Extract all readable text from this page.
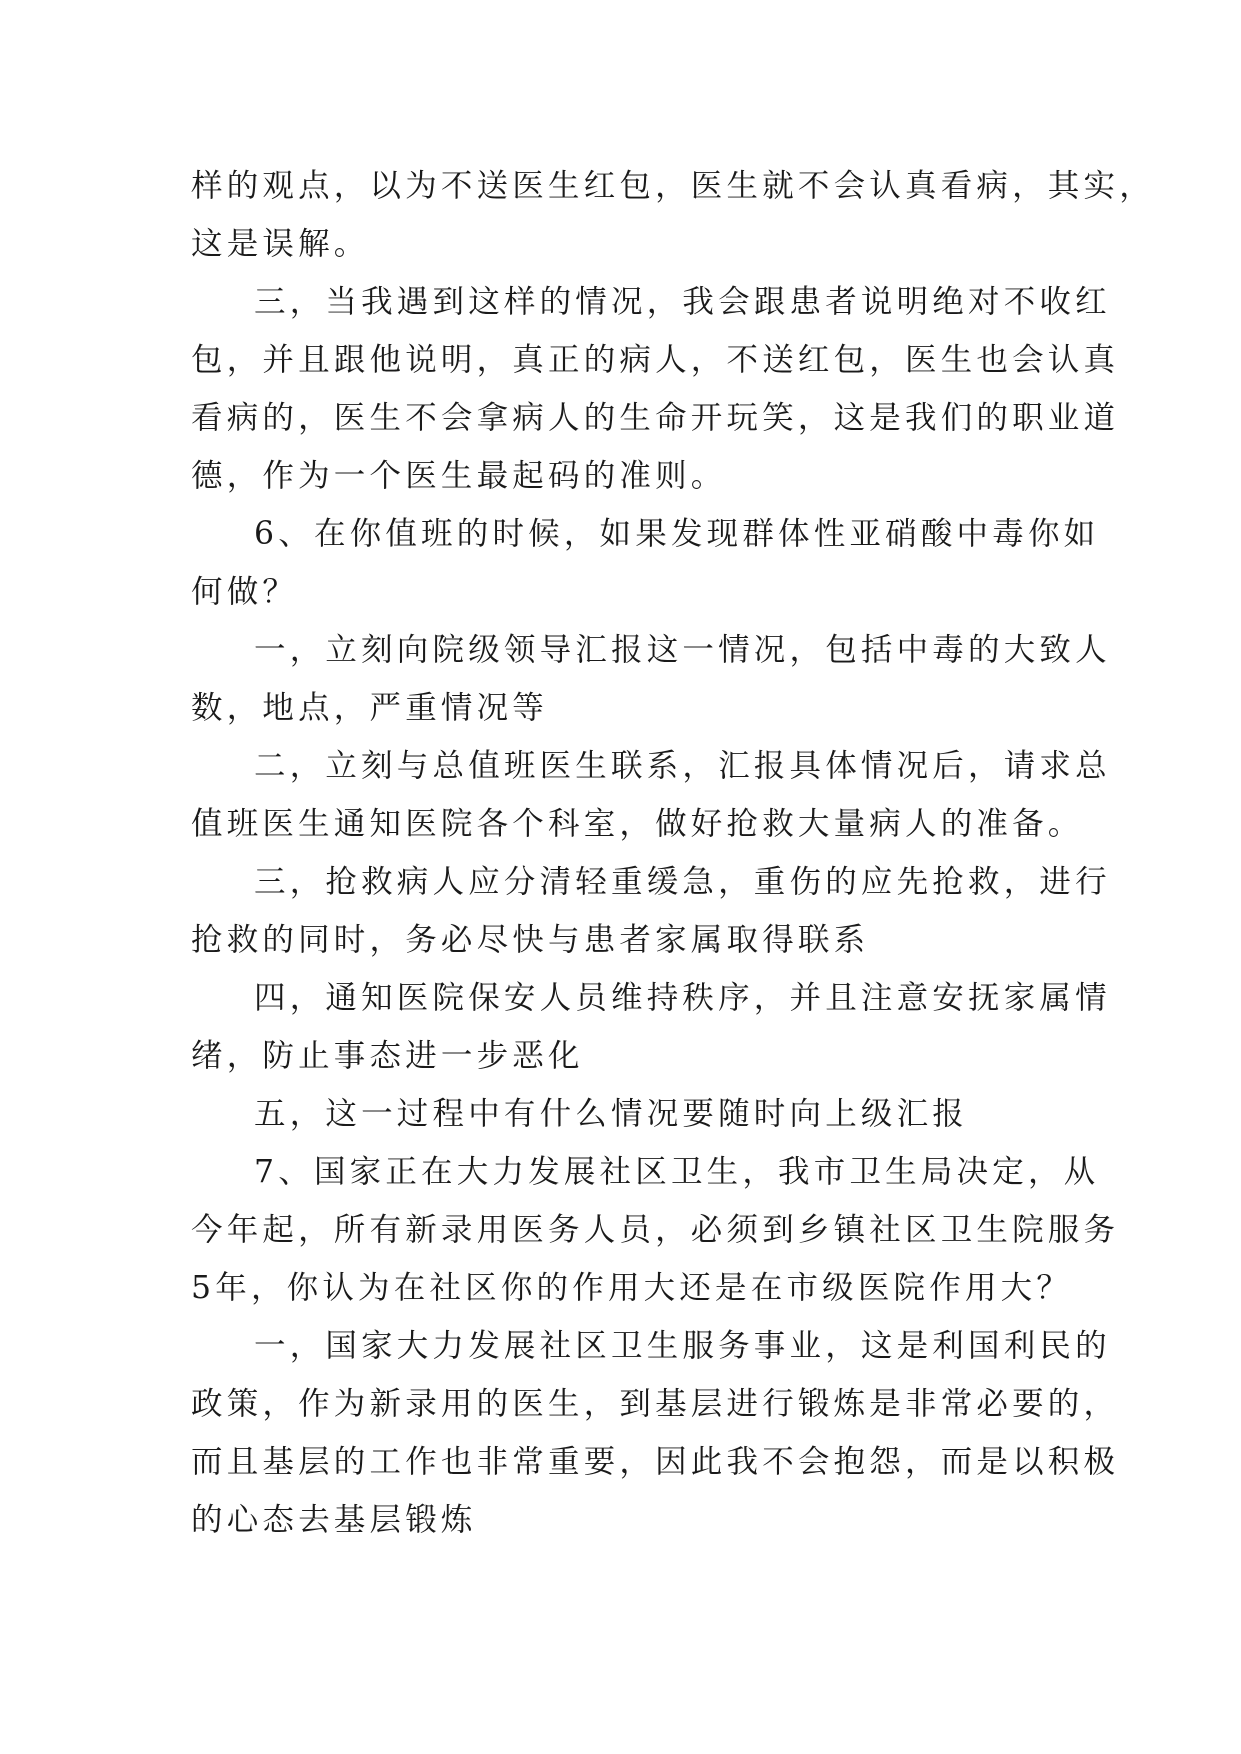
样的观点，以为不送医生红包，医生就不会认真看病，其实，

这是误解。

三，当我遇到这样的情况，我会跟患者说明绝对不收红

包，并且跟他说明，真正的病人，不送红包，医生也会认真

看病的，医生不会拿病人的生命开玩笑，这是我们的职业道

德，作为一个医生最起码的准则。

6、在你值班的时候，如果发现群体性亚硝酸中毒你如

何做？

一，立刻向院级领导汇报这一情况，包括中毒的大致人

数，地点，严重情况等

二，立刻与总值班医生联系，汇报具体情况后，请求总

值班医生通知医院各个科室，做好抢救大量病人的准备。

三，抢救病人应分清轻重缓急，重伤的应先抢救，进行

抢救的同时，务必尽快与患者家属取得联系

四，通知医院保安人员维持秩序，并且注意安抚家属情

绪，防止事态进一步恶化

五，这一过程中有什么情况要随时向上级汇报

7、国家正在大力发展社区卫生，我市卫生局决定，从

今年起，所有新录用医务人员，必须到乡镇社区卫生院服务

5年，你认为在社区你的作用大还是在市级医院作用大？

一，国家大力发展社区卫生服务事业，这是利国利民的

政策，作为新录用的医生，到基层进行锻炼是非常必要的，

而且基层的工作也非常重要，因此我不会抱怨，而是以积极

的心态去基层锻炼
